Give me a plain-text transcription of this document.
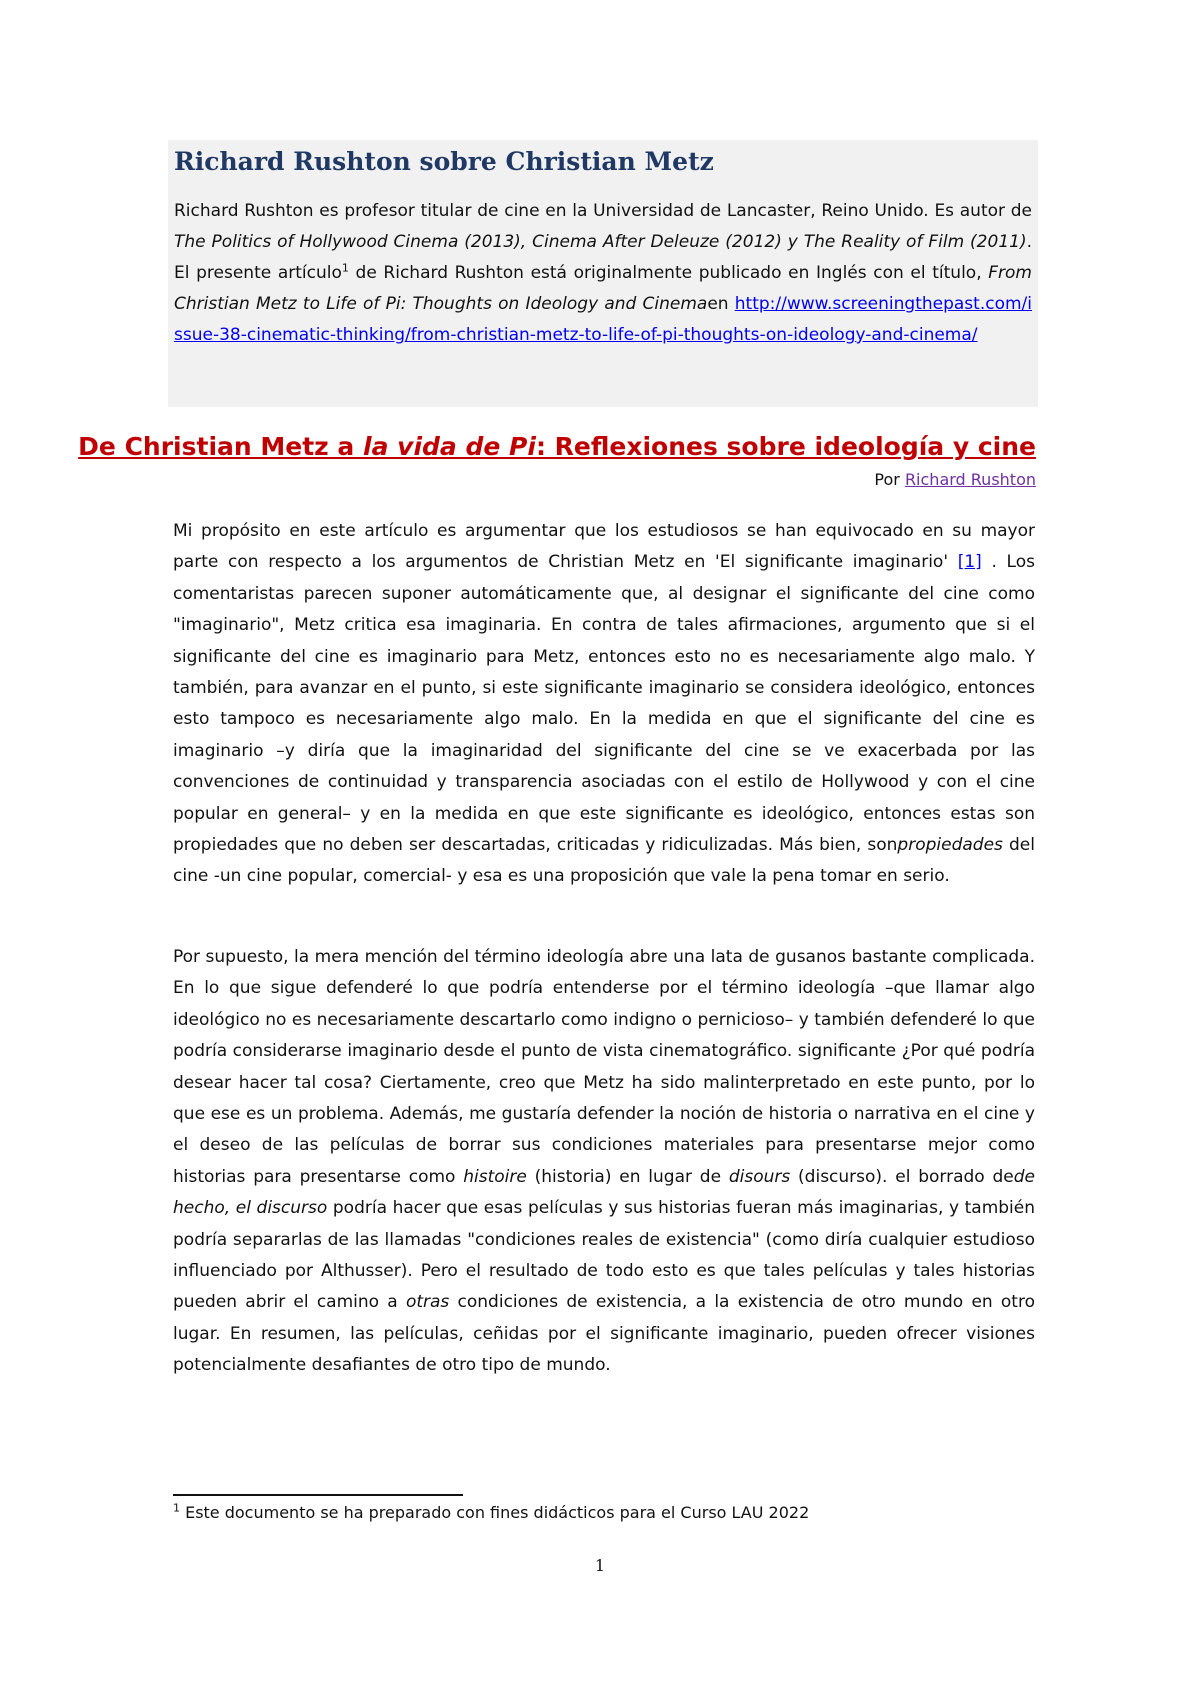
Richard Rushton sobre Christian Metz

Richard Rushton es profesor titular de cine en la Universidad de Lancaster, Reino Unido. Es autor de The Politics of Hollywood Cinema (2013), Cinema After Deleuze (2012) y The Reality of Film (2011). El presente artículo$^1$ de Richard Rushton está originalmente publicado en Inglés con el título, From Christian Metz to Life of Pi: Thoughts on Ideology and Cinemaen http://www.screeningthepast.com/issue-38-cinematic-thinking/from-christian-metz-to-life-of-pi-thoughts-on-ideology-and-cinema/

De Christian Metz a la vida de Pi: Reflexiones sobre ideología y cine

Por Richard Rushton

Mi propósito en este artículo es argumentar que los estudiosos se han equivocado en su mayor parte con respecto a los argumentos de Christian Metz en 'El significante imaginario' [1] . Los comentaristas parecen suponer automáticamente que, al designar el significante del cine como "imaginario", Metz critica esa imaginaria. En contra de tales afirmaciones, argumento que si el significante del cine es imaginario para Metz, entonces esto no es necesariamente algo malo. Y también, para avanzar en el punto, si este significante imaginario se considera ideológico, entonces esto tampoco es necesariamente algo malo. En la medida en que el significante del cine es imaginario –y diría que la imaginaridad del significante del cine se ve exacerbada por las convenciones de continuidad y transparencia asociadas con el estilo de Hollywood y con el cine popular en general– y en la medida en que este significante es ideológico, entonces estas son propiedades que no deben ser descartadas, criticadas y ridiculizadas. Más bien, sonpropiedades del cine -un cine popular, comercial- y esa es una proposición que vale la pena tomar en serio.

Por supuesto, la mera mención del término ideología abre una lata de gusanos bastante complicada. En lo que sigue defenderé lo que podría entenderse por el término ideología –que llamar algo ideológico no es necesariamente descartarlo como indigno o pernicioso– y también defenderé lo que podría considerarse imaginario desde el punto de vista cinematográfico. significante ¿Por qué podría desear hacer tal cosa? Ciertamente, creo que Metz ha sido malinterpretado en este punto, por lo que ese es un problema. Además, me gustaría defender la noción de historia o narrativa en el cine y el deseo de las películas de borrar sus condiciones materiales para presentarse mejor como historias para presentarse como histoire (historia) en lugar de disours (discurso). el borrado dede hecho, el discurso podría hacer que esas películas y sus historias fueran más imaginarias, y también podría separarlas de las llamadas "condiciones reales de existencia" (como diría cualquier estudioso influenciado por Althusser). Pero el resultado de todo esto es que tales películas y tales historias pueden abrir el camino a otras condiciones de existencia, a la existencia de otro mundo en otro lugar. En resumen, las películas, ceñidas por el significante imaginario, pueden ofrecer visiones potencialmente desafiantes de otro tipo de mundo.

$^1$ Este documento se ha preparado con fines didácticos para el Curso LAU 2022

1
